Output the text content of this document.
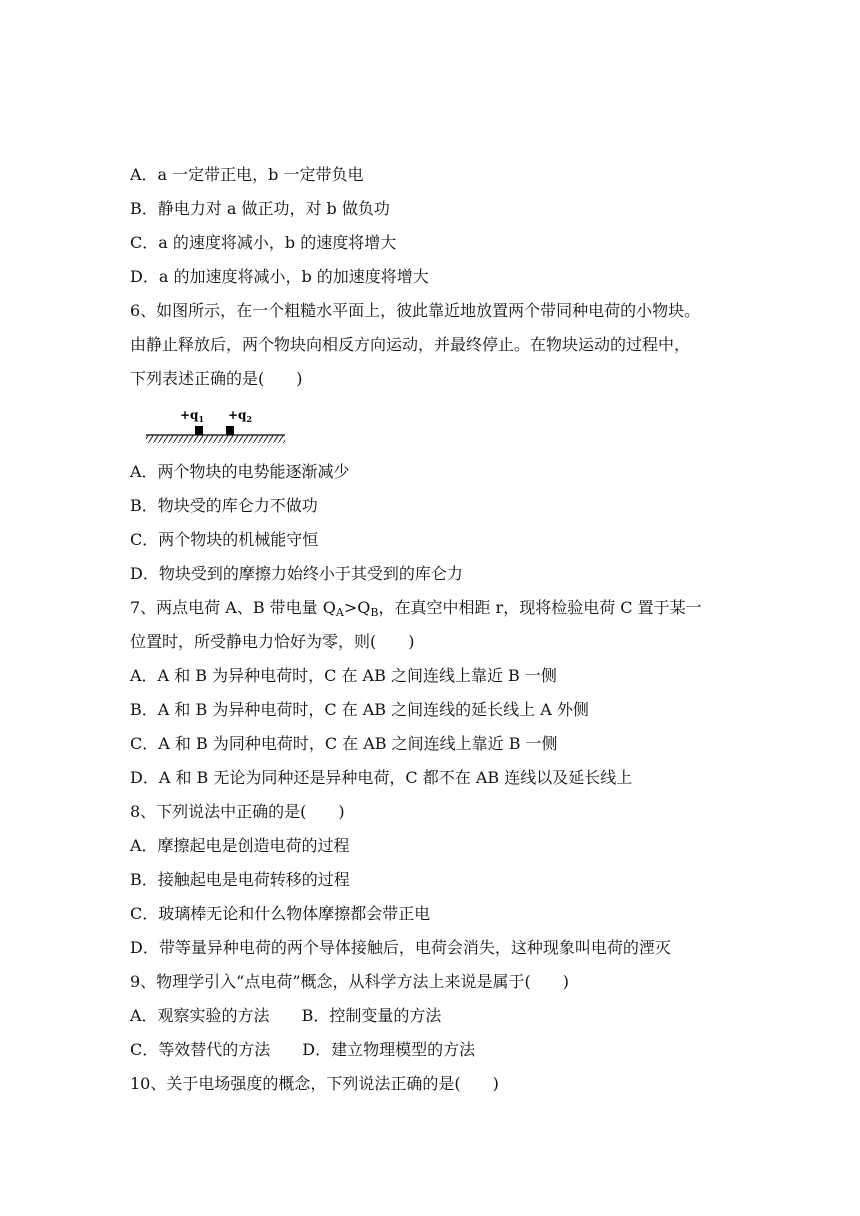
A．a 一定带正电，b 一定带负电
B．静电力对 a 做正功，对 b 做负功
C．a 的速度将减小，b 的速度将增大
D．a 的加速度将减小，b 的加速度将增大
6、如图所示，在一个粗糙水平面上，彼此靠近地放置两个带同种电荷的小物块。
由静止释放后，两个物块向相反方向运动，并最终停止。在物块运动的过程中，
下列表述正确的是(　　)
$+q_1 +q_2$
A．两个物块的电势能逐渐减少
B．物块受的库仑力不做功
C．两个物块的机械能守恒
D．物块受到的摩擦力始终小于其受到的库仑力
7、两点电荷 A、B 带电量 $Q_A>Q_B$，在真空中相距 r，现将检验电荷 C 置于某一
位置时，所受静电力恰好为零，则(　　)
A．A 和 B 为异种电荷时，C 在 AB 之间连线上靠近 B 一侧
B．A 和 B 为异种电荷时，C 在 AB 之间连线的延长线上 A 外侧
C．A 和 B 为同种电荷时，C 在 AB 之间连线上靠近 B 一侧
D．A 和 B 无论为同种还是异种电荷，C 都不在 AB 连线以及延长线上
8、下列说法中正确的是(　　)
A．摩擦起电是创造电荷的过程
B．接触起电是电荷转移的过程
C．玻璃棒无论和什么物体摩擦都会带正电
D．带等量异种电荷的两个导体接触后，电荷会消失，这种现象叫电荷的湮灭
9、物理学引入“点电荷”概念，从科学方法上来说是属于(　　)
A．观察实验的方法 B．控制变量的方法
C．等效替代的方法 D．建立物理模型的方法
10、关于电场强度的概念，下列说法正确的是(　　)
